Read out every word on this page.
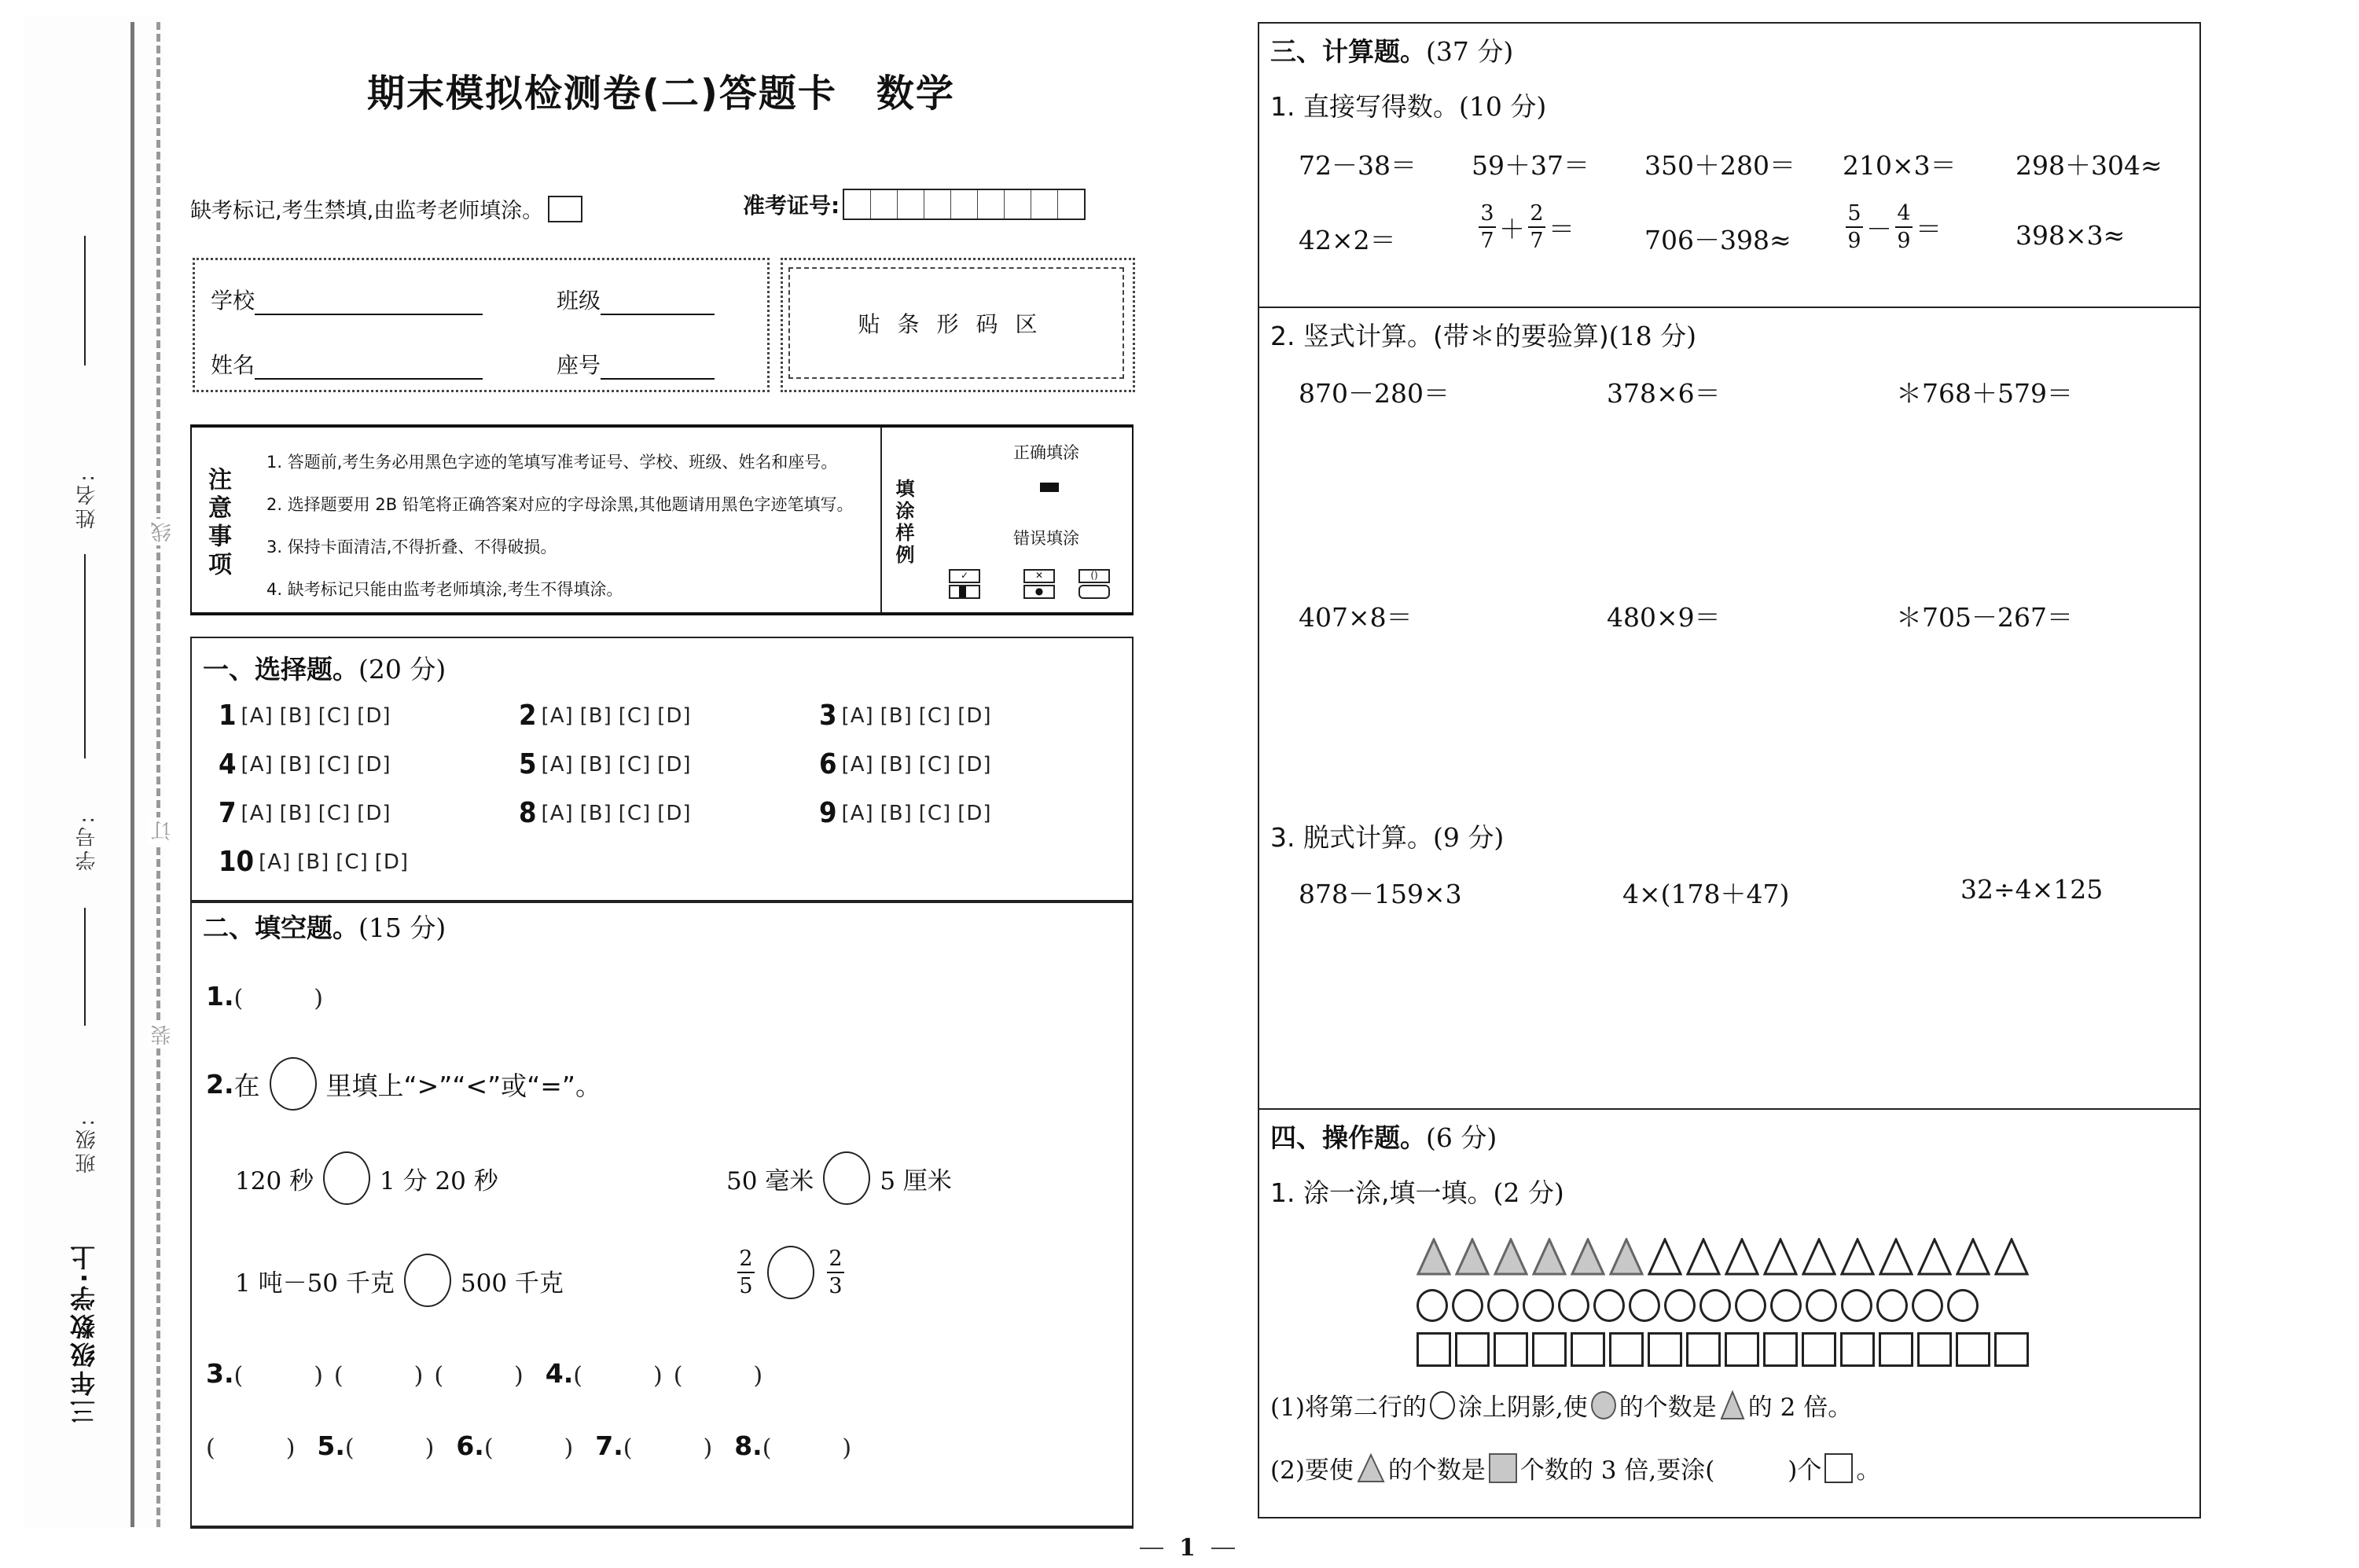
姓名:
学号:
班级:
三年级数学·上
线
订
装
期末模拟检测卷(二)答题卡　数学
缺考标记,考生禁填,由监考老师填涂。	准考证号:
学校	班级
姓名	座号
贴条形码区
注意事项
1. 答题前,考生务必用黑色字迹的笔填写准考证号、学校、班级、姓名和座号。
2. 选择题要用 2B 铅笔将正确答案对应的字母涂黑,其他题请用黑色字迹笔填写。
3. 保持卡面清洁,不得折叠、不得破损。
4. 缺考标记只能由监考老师填涂,考生不得填涂。
填涂样例
正确填涂
错误填涂
✓	✕
●
()
一、选择题。(20 分)
1 [A] [B] [C] [D]	2 [A] [B] [C] [D]	3 [A] [B] [C] [D]
4 [A] [B] [C] [D]	5 [A] [B] [C] [D]	6 [A] [B] [C] [D]
7 [A] [B] [C] [D]	8 [A] [B] [C] [D]	9 [A] [B] [C] [D]
10 [A] [B] [C] [D]
二、填空题。(15 分)
1. (　　　)
2. 在	里填上“>”“<”或“=”。
120 秒	1 分 20 秒	50 毫米	5 厘米
1 吨－50 千克	500 千克	$\frac{2}{5}$	$\frac{2}{3}$
3. (　　　) (　　　) (　　　) 4. (　　　) (　　　)
(　　　) 5. (　　　) 6. (　　　) 7. (　　　) 8. (　　　)
三、计算题。(37 分)
1. 直接写得数。(10 分)
72－38＝ 59＋37＝ 350＋280＝ 210×3＝ 298＋304≈
42×2＝	$\frac{3}{7} + \frac{2}{7}$ ＝	706－398≈	$\frac{5}{9} - \frac{4}{9}$ ＝	398×3≈
2. 竖式计算。(带＊的要验算)(18 分)
870－280＝	378×6＝	＊768＋579＝
407×8＝	480×9＝	＊705－267＝
3. 脱式计算。(9 分)
878－159×3	4×(178＋47)	32÷4×125
四、操作题。(6 分)
1. 涂一涂,填一填。(2 分)
(1)将第二行的 涂上阴影,使 的个数是 的 2 倍。
(2)要使 的个数是 个数的 3 倍,要涂(　　　)个 。
1
